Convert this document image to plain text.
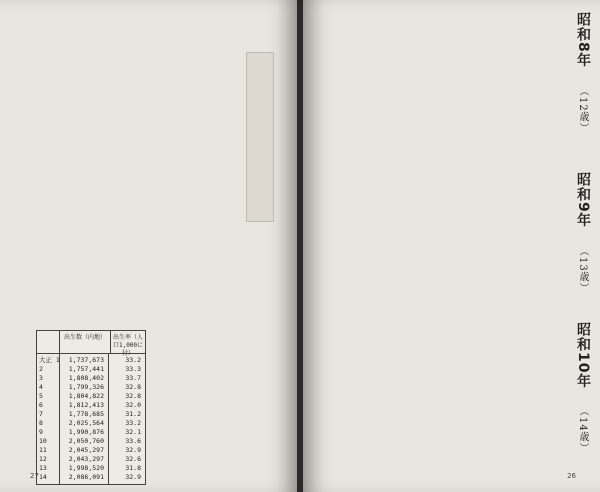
出生数（内地）	出生率（人口1,000に付）
大正 1
2
3
4
5
6
7
8
9
10
11
12
13
14
1,737,673
1,757,441
1,808,402
1,799,326
1,804,822
1,812,413
1,778,685
2,025,564
1,990,876
2,050,760
2,045,297
2,043,297
1,998,520
2,086,091
33.2
33.3
33.7
32.8
32.8
32.0
31.2
33.2
32.1
33.6
32.9
32.6
31.8
32.9
27
昭和8年
（12歳）
昭和9年
（13歳）
昭和10年
（14歳）
26
